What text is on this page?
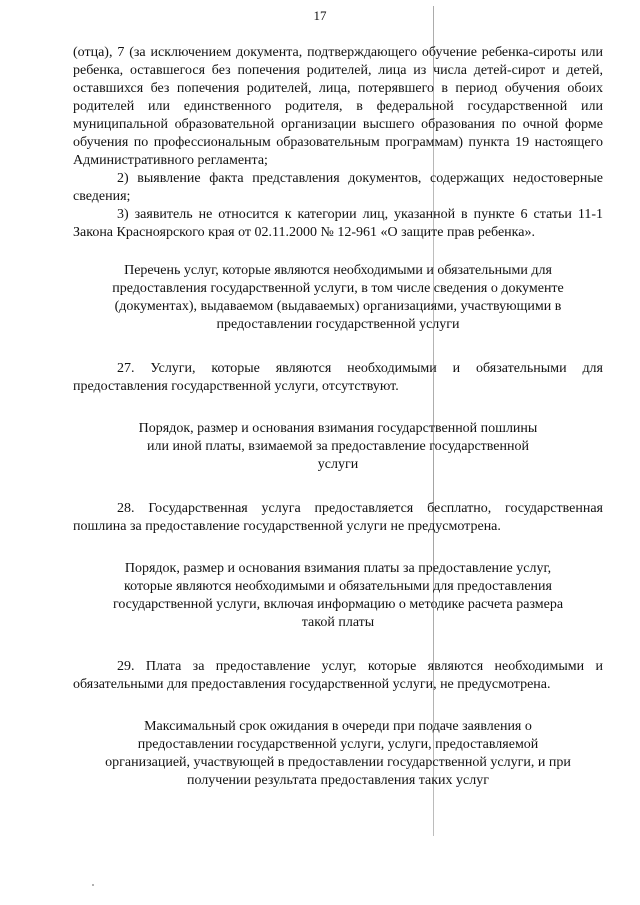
17

(отца), 7 (за исключением документа, подтверждающего обучение ребенка-сироты или ребенка, оставшегося без попечения родителей, лица из числа детей-сирот и детей, оставшихся без попечения родителей, лица, потерявшего в период обучения обоих родителей или единственного родителя, в федеральной государственной или муниципальной образовательной организации высшего образования по очной форме обучения по профессиональным образовательным программам) пункта 19 настоящего Административного регламента;

2) выявление факта представления документов, содержащих недостоверные сведения;

3) заявитель не относится к категории лиц, указанной в пункте 6 статьи 11-1 Закона Красноярского края от 02.11.2000 № 12-961 «О защите прав ребенка».

Перечень услуг, которые являются необходимыми и обязательными для предоставления государственной услуги, в том числе сведения о документе (документах), выдаваемом (выдаваемых) организациями, участвующими в предоставлении государственной услуги

27. Услуги, которые являются необходимыми и обязательными для предоставления государственной услуги, отсутствуют.

Порядок, размер и основания взимания государственной пошлины или иной платы, взимаемой за предоставление государственной услуги

28. Государственная услуга предоставляется бесплатно, государственная пошлина за предоставление государственной услуги не предусмотрена.

Порядок, размер и основания взимания платы за предоставление услуг, которые являются необходимыми и обязательными для предоставления государственной услуги, включая информацию о методике расчета размера такой платы

29. Плата за предоставление услуг, которые являются необходимыми и обязательными для предоставления государственной услуги, не предусмотрена.

Максимальный срок ожидания в очереди при подаче заявления о предоставлении государственной услуги, услуги, предоставляемой организацией, участвующей в предоставлении государственной услуги, и при получении результата предоставления таких услуг
